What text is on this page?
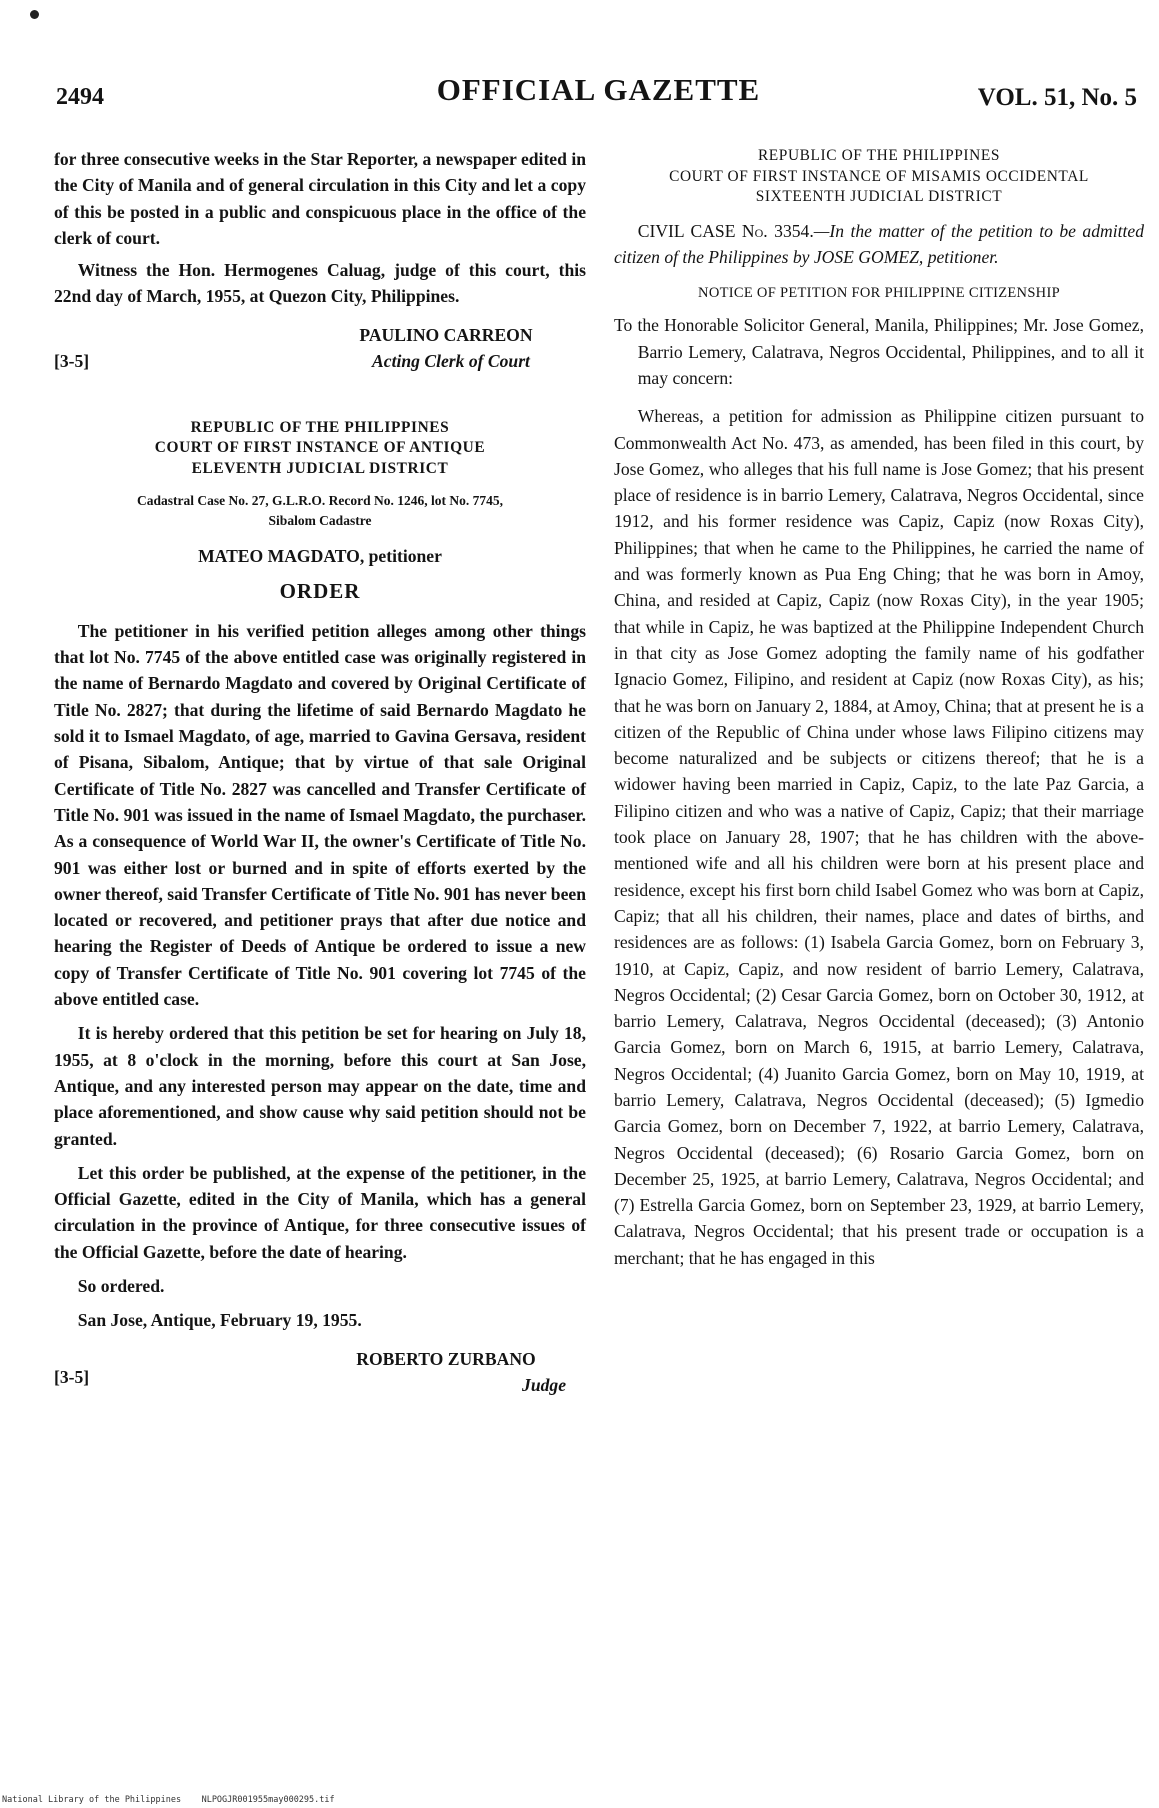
2494	OFFICIAL GAZETTE	VOL. 51, No. 5

for three consecutive weeks in the Star Reporter, a newspaper edited in the City of Manila and of general circulation in this City and let a copy of this be posted in a public and conspicuous place in the office of the clerk of court.

Witness the Hon. Hermogenes Caluag, judge of this court, this 22nd day of March, 1955, at Quezon City, Philippines.

PAULINO CARREON
Acting Clerk of Court
[3-5]
REPUBLIC OF THE PHILIPPINES
COURT OF FIRST INSTANCE OF ANTIQUE
ELEVENTH JUDICIAL DISTRICT
Cadastral Case No. 27, G.L.R.O. Record No. 1246, lot No. 7745,
Sibalom Cadastre

MATEO MAGDATO, petitioner

ORDER

The petitioner in his verified petition alleges among other things that lot No. 7745 of the above entitled case was originally registered in the name of Bernardo Magdato and covered by Original Certificate of Title No. 2827; that during the lifetime of said Bernardo Magdato he sold it to Ismael Magdato, of age, married to Gavina Gersava, resident of Pisana, Sibalom, Antique; that by virtue of that sale Original Certificate of Title No. 2827 was cancelled and Transfer Certificate of Title No. 901 was issued in the name of Ismael Magdato, the purchaser. As a consequence of World War II, the owner's Certificate of Title No. 901 was either lost or burned and in spite of efforts exerted by the owner thereof, said Transfer Certificate of Title No. 901 has never been located or recovered, and petitioner prays that after due notice and hearing the Register of Deeds of Antique be ordered to issue a new copy of Transfer Certificate of Title No. 901 covering lot 7745 of the above entitled case.

It is hereby ordered that this petition be set for hearing on July 18, 1955, at 8 o'clock in the morning, before this court at San Jose, Antique, and any interested person may appear on the date, time and place aforementioned, and show cause why said petition should not be granted.

Let this order be published, at the expense of the petitioner, in the Official Gazette, edited in the City of Manila, which has a general circulation in the province of Antique, for three consecutive issues of the Official Gazette, before the date of hearing.

So ordered.

San Jose, Antique, February 19, 1955.

ROBERTO ZURBANO
Judge
[3-5]
REPUBLIC OF THE PHILIPPINES
COURT OF FIRST INSTANCE OF MISAMIS OCCIDENTAL
SIXTEENTH JUDICIAL DISTRICT

CIVIL CASE No. 3354.—In the matter of the petition to be admitted citizen of the Philippines by JOSE GOMEZ, petitioner.

NOTICE OF PETITION FOR PHILIPPINE CITIZENSHIP

To the Honorable Solicitor General, Manila, Philippines; Mr. Jose Gomez, Barrio Lemery, Calatrava, Negros Occidental, Philippines, and to all it may concern:

Whereas, a petition for admission as Philippine citizen pursuant to Commonwealth Act No. 473, as amended, has been filed in this court, by Jose Gomez, who alleges that his full name is Jose Gomez; that his present place of residence is in barrio Lemery, Calatrava, Negros Occidental, since 1912, and his former residence was Capiz, Capiz (now Roxas City), Philippines; that when he came to the Philippines, he carried the name of and was formerly known as Pua Eng Ching; that he was born in Amoy, China, and resided at Capiz, Capiz (now Roxas City), in the year 1905; that while in Capiz, he was baptized at the Philippine Independent Church in that city as Jose Gomez adopting the family name of his godfather Ignacio Gomez, Filipino, and resident at Capiz (now Roxas City), as his; that he was born on January 2, 1884, at Amoy, China; that at present he is a citizen of the Republic of China under whose laws Filipino citizens may become naturalized and be subjects or citizens thereof; that he is a widower having been married in Capiz, Capiz, to the late Paz Garcia, a Filipino citizen and who was a native of Capiz, Capiz; that their marriage took place on January 28, 1907; that he has children with the above-mentioned wife and all his children were born at his present place and residence, except his first born child Isabel Gomez who was born at Capiz, Capiz; that all his children, their names, place and dates of births, and residences are as follows: (1) Isabela Garcia Gomez, born on February 3, 1910, at Capiz, Capiz, and now resident of barrio Lemery, Calatrava, Negros Occidental; (2) Cesar Garcia Gomez, born on October 30, 1912, at barrio Lemery, Calatrava, Negros Occidental (deceased); (3) Antonio Garcia Gomez, born on March 6, 1915, at barrio Lemery, Calatrava, Negros Occidental; (4) Juanito Garcia Gomez, born on May 10, 1919, at barrio Lemery, Calatrava, Negros Occidental (deceased); (5) Igmedio Garcia Gomez, born on December 7, 1922, at barrio Lemery, Calatrava, Negros Occidental (deceased); (6) Rosario Garcia Gomez, born on December 25, 1925, at barrio Lemery, Calatrava, Negros Occidental; and (7) Estrella Garcia Gomez, born on September 23, 1929, at barrio Lemery, Calatrava, Negros Occidental; that his present trade or occupation is a merchant; that he has engaged in this

National Library of the Philippines    NLPOGJR001955may000295.tif
